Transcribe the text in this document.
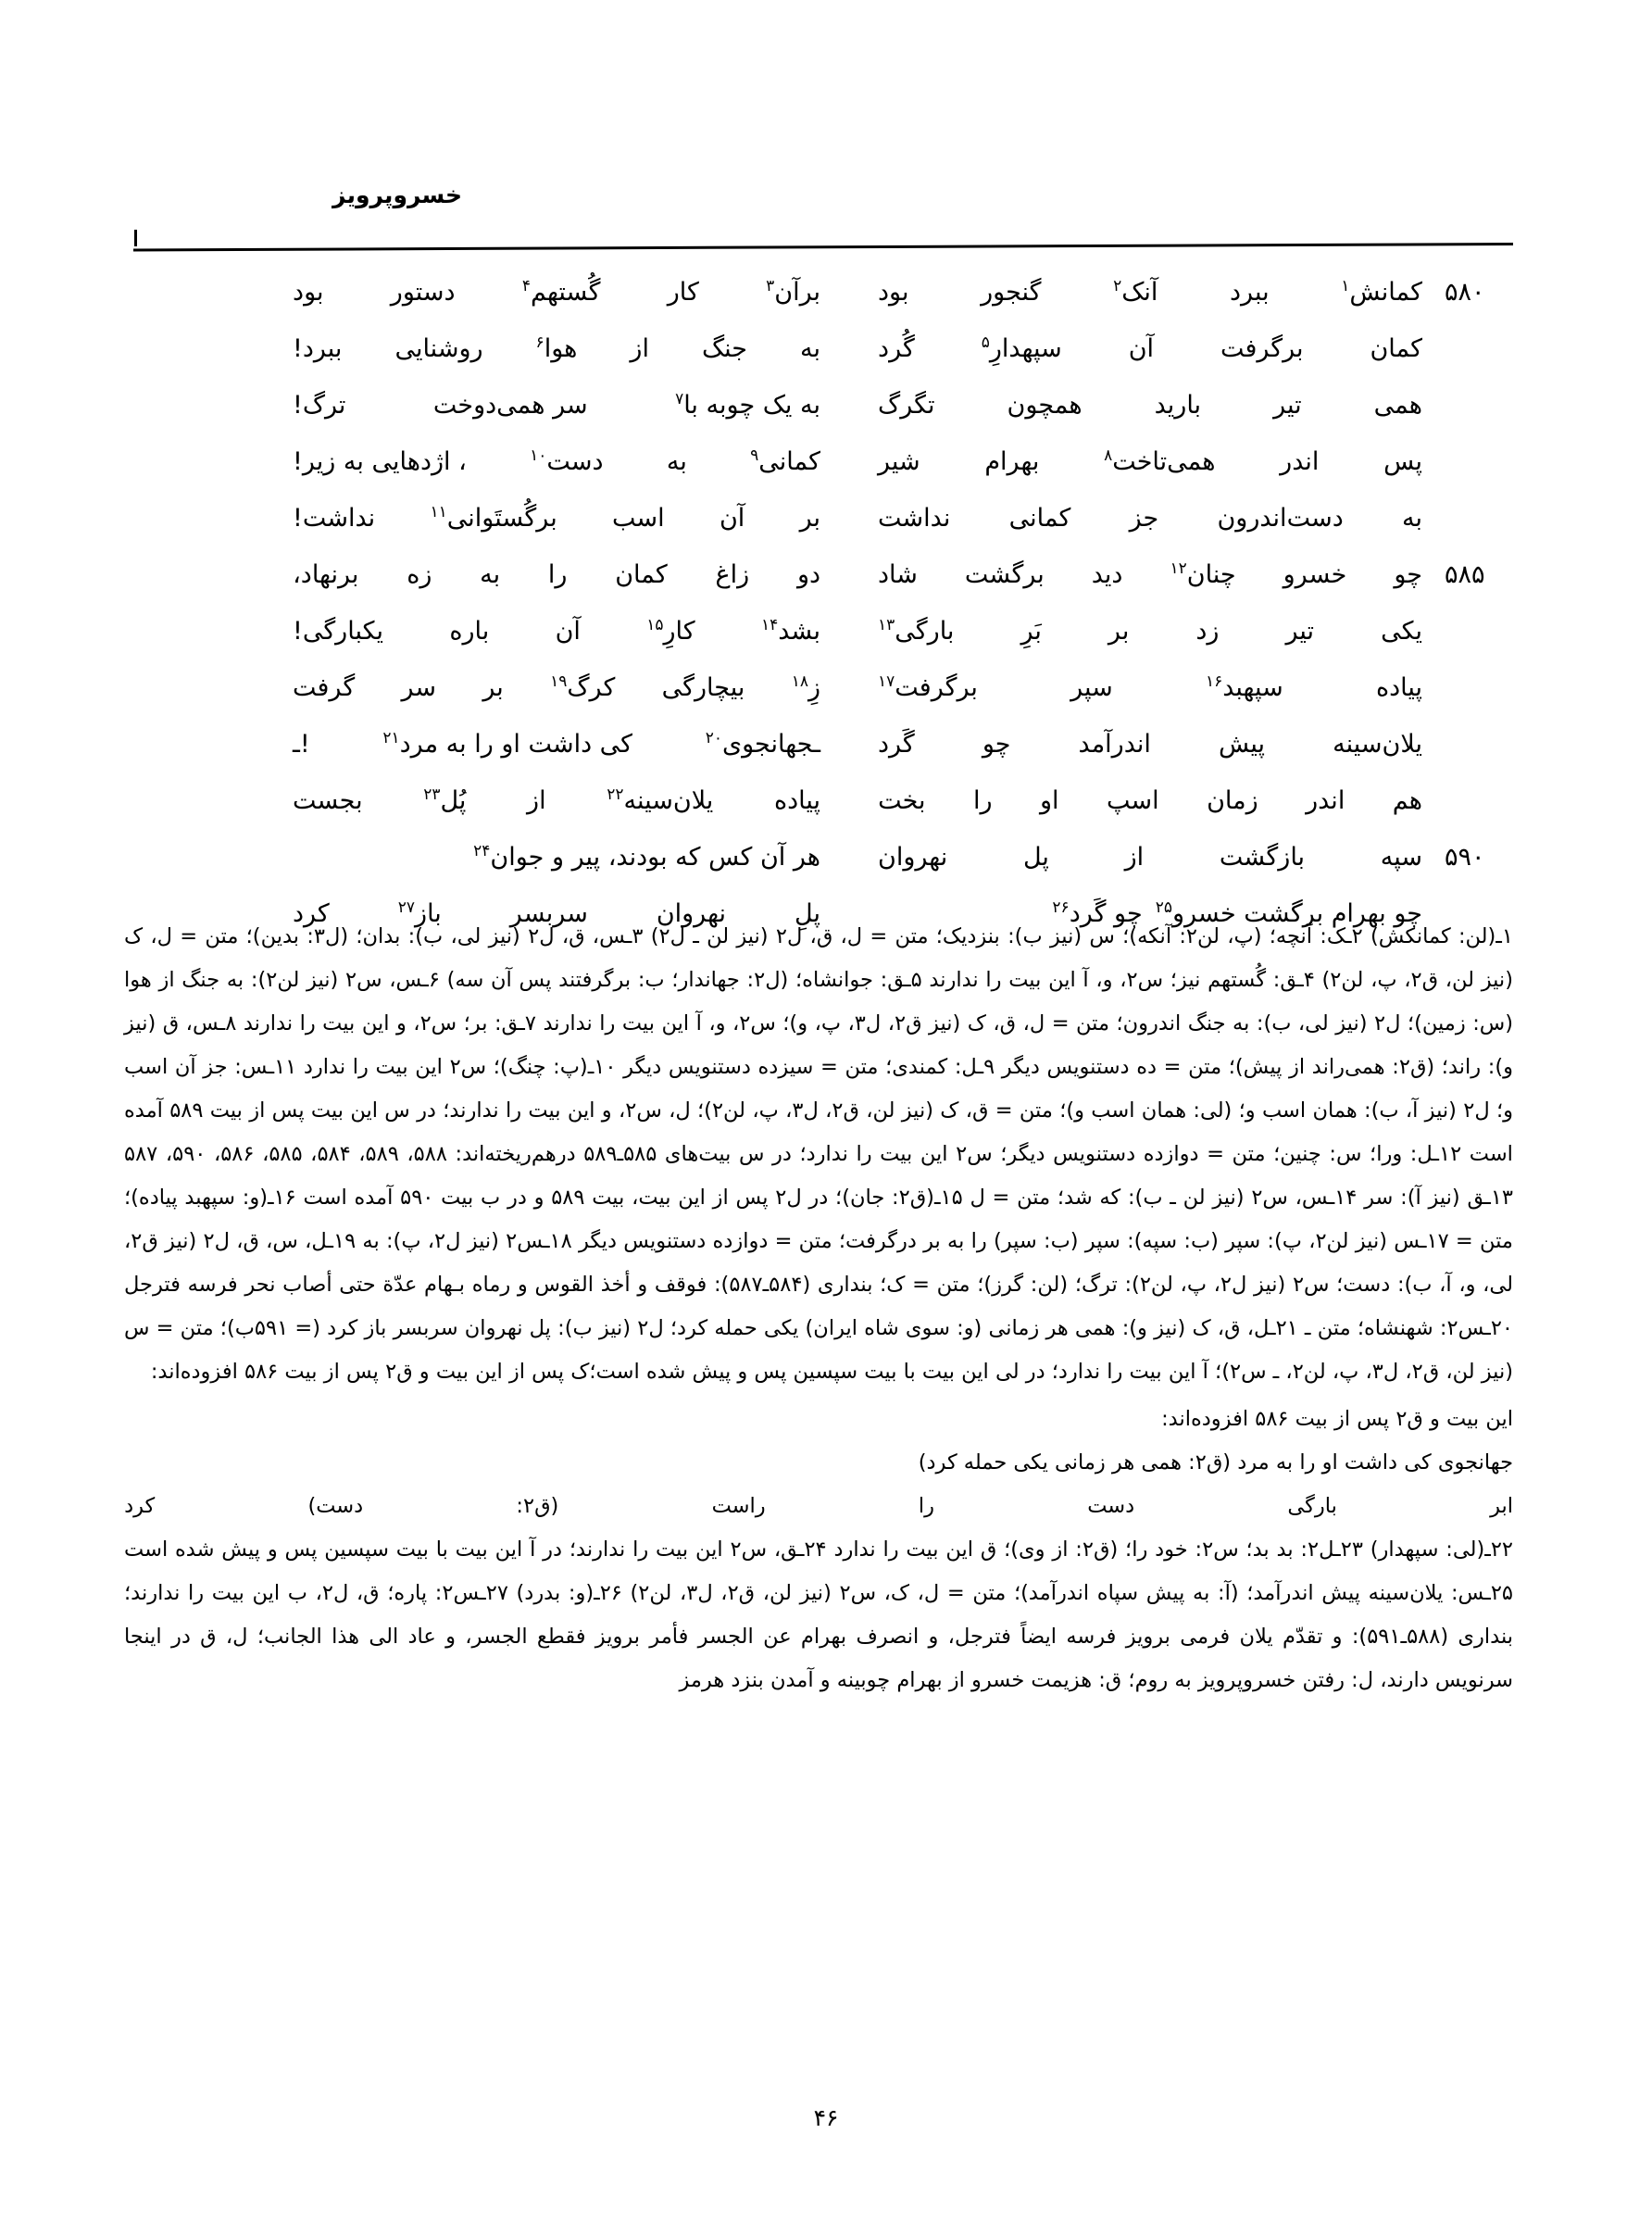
خسروپرویز
۵۸۰
کمانش$^۱$
ببرد
آنک$^۲$
گنجور
بود
برآن$^۳$
کار
گُستهم$^۴$
دستور
بود
کمان
برگرفت
آن
سپهدارِ$^۵$
گُرد
به
جنگ
از
هوا$^۶$
روشنایی
ببرد!
همی
تیر
بارید
همچون
تگرگ
به یک چوبه با$^۷$
سر همی‌دوخت
ترگ!
پس
اندر
همی‌تاخت$^۸$
بهرام
شیر
کمانی$^۹$
به
دست$^{۱۰}$
، اژدهایی به زیر!
به
دست‌اندرون
جز
کمانی
نداشت
بر
آن
اسب
برگُستَوانی$^{۱۱}$
نداشت!
۵۸۵
چو
خسرو
چنان$^{۱۲}$
دید
برگشت
شاد
دو
زاغ
کمان
را
به
زه
برنهاد،
یکی
تیر
زد
بر
بَرِ
بارگی$^{۱۳}$
بشد$^{۱۴}$
کارِ$^{۱۵}$
آن
باره
یکبارگی!
پیاده
سپهبد$^{۱۶}$
سپر
برگرفت$^{۱۷}$
زِ$^{۱۸}$
بیچارگی
کرگ$^{۱۹}$
بر
سر
گرفت
یلان‌سینه
پیش
اندرآمد
چو
گَرد
ـجهانجوی$^{۲۰}$
کی داشت او را به مرد$^{۲۱}$
!ـ
هم
اندر
زمان
اسپ
او
را
بخت
پیاده
یلان‌سینه$^{۲۲}$
از
پُل$^{۲۳}$
بجست
۵۹۰
سپه
بازگشت
از
پل
نهروان
هر آن کس که بودند، پیر و جوان$^{۲۴}$
چو بهرام برگشت خسرو$^{۲۵}$
چو گَرد$^{۲۶}$
پلِ
نهروان
سربسر
باز$^{۲۷}$
کرد

۱ـ(لن: کمانکش) ۲ـک: آنچه؛ (پ، لن۲: آنکه)؛ س (نیز ب): بنزدیک؛ متن = ل، ق، ل۲ (نیز لن ـ ل۲) ۳ـس، ق، ل۲ (نیز لی، ب): بدان؛ (ل۳: بدین)؛ متن = ل، ک (نیز لن، ق۲، پ، لن۲) ۴ـق: گُستهم نیز؛ س۲، و، آ این بیت را ندارند ۵ـق: جوانشاه؛ (ل۲: جهاندار؛ ب: برگرفتند پس آن سه) ۶ـس، س۲ (نیز لن۲): به جنگ از هوا (س: زمین)؛ ل۲ (نیز لی، ب): به جنگ اندرون؛ متن = ل، ق، ک (نیز ق۲، ل۳، پ، و)؛ س۲، و، آ این بیت را ندارند ۷ـق: بر؛ س۲، و این بیت را ندارند ۸ـس، ق (نیز و): راند؛ (ق۲: همی‌راند از پیش)؛ متن = ده دستنویس دیگر ۹ـل: کمندی؛ متن = سیزده دستنویس دیگر ۱۰ـ(پ: چنگ)؛ س۲ این بیت را ندارد ۱۱ـس: جز آن اسب و؛ ل۲ (نیز آ، ب): همان اسب و؛ (لی: همان اسب و)؛ متن = ق، ک (نیز لن، ق۲، ل۳، پ، لن۲)؛ ل، س۲، و این بیت را ندارند؛ در س این بیت پس از بیت ۵۸۹ آمده است ۱۲ـل: ورا؛ س: چنین؛ متن = دوازده دستنویس دیگر؛ س۲ این بیت را ندارد؛ در س بیت‌های ۵۸۵ـ۵۸۹ درهم‌ریخته‌اند: ۵۸۸، ۵۸۹، ۵۸۴، ۵۸۵، ۵۸۶، ۵۹۰، ۵۸۷ ۱۳ـق (نیز آ): سر ۱۴ـس، س۲ (نیز لن ـ ب): که شد؛ متن = ل ۱۵ـ(ق۲: جان)؛ در ل۲ پس از این بیت، بیت ۵۸۹ و در ب بیت ۵۹۰ آمده است ۱۶ـ(و: سپهبد پیاده)؛ متن = ۱۷ـس (نیز لن۲، پ): سپر (ب: سپه): سپر (ب: سپر) را به بر درگرفت؛ متن = دوازده دستنویس دیگر ۱۸ـس۲ (نیز ل۲، پ): به ۱۹ـل، س، ق، ل۲ (نیز ق۲، لی، و، آ، ب): دست؛ س۲ (نیز ل۲، پ، لن۲): ترگ؛ (لن: گرز)؛ متن = ک؛ بنداری (۵۸۴ـ۵۸۷): فوقف و أخذ القوس و رماه بـهام عدّة حتی أصاب نحر فرسه فترجل ۲۰ـس۲: شهنشاه؛ متن ـ ۲۱ـل، ق، ک (نیز و): همی هر زمانی (و: سوی شاه ایران) یکی حمله کرد؛ ل۲ (نیز ب): پل نهروان سربسر باز کرد (= ۵۹۱ب)؛ متن = س (نیز لن، ق۲، ل۳، پ، لن۲، ـ س۲)؛ آ این بیت را ندارد؛ در لی این بیت با بیت سپسین پس و پیش شده است؛ک پس از این بیت و ق۲ پس از بیت ۵۸۶ افزوده‌اند:

این بیت و ق۲ پس از بیت ۵۸۶ افزوده‌اند:

جهانجوی کی داشت او را به مرد (ق۲: همی هر زمانی یکی حمله کرد)

ابر
بارگی
دست
را
راست
(ق۲:
دست)
کرد

۲۲ـ(لی: سپهدار) ۲۳ـل۲: بد بد؛ س۲: خود را؛ (ق۲: از وی)؛ ق این بیت را ندارد ۲۴ـق، س۲ این بیت را ندارند؛ در آ این بیت با بیت سپسین پس و پیش شده است ۲۵ـس: یلان‌سینه پیش اندرآمد؛ (آ: به پیش سپاه اندرآمد)؛ متن = ل، ک، س۲ (نیز لن، ق۲، ل۳، لن۲) ۲۶ـ(و: بدرد) ۲۷ـس۲: پاره؛ ق، ل۲، ب این بیت را ندارند؛ بنداری (۵۸۸ـ۵۹۱): و تقدّم یلان فرمی برویز فرسه ایضاً فترجل، و انصرف بهرام عن الجسر فأمر برویز فقطع الجسر، و عاد الی هذا الجانب؛ ل، ق در اینجا سرنویس دارند، ل: رفتن خسروپرویز به روم؛ ق: هزیمت خسرو از بهرام چوبینه و آمدن بنزد هرمز

۴۶
